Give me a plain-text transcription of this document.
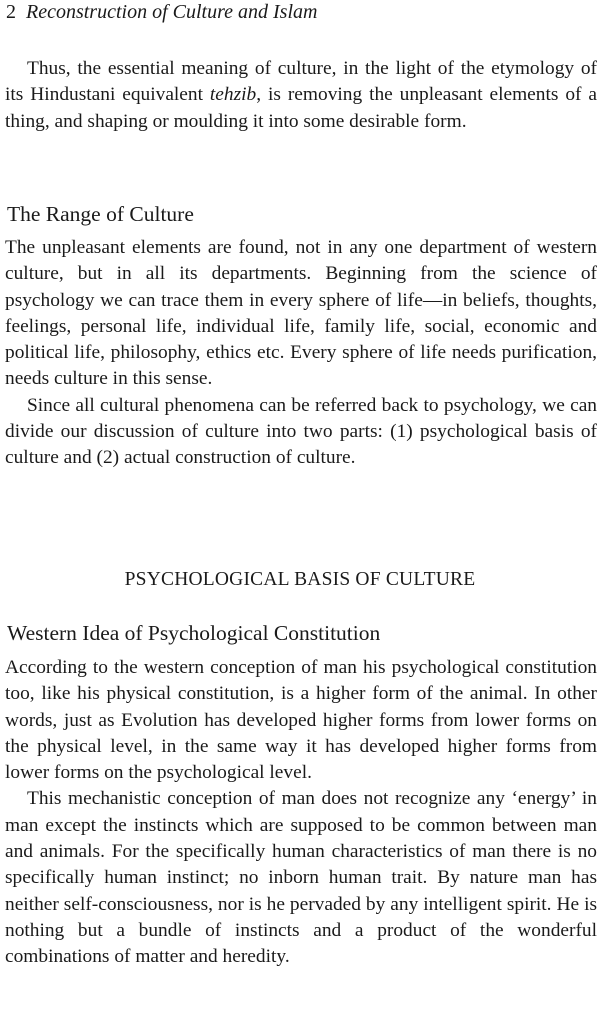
2 Reconstruction of Culture and Islam

Thus, the essential meaning of culture, in the light of the etymology of its Hindustani equivalent tehzib, is removing the unpleasant elements of a thing, and shaping or moulding it into some desirable form.

The Range of Culture

The unpleasant elements are found, not in any one department of western culture, but in all its departments. Beginning from the science of psychology we can trace them in every sphere of life—in beliefs, thoughts, feelings, personal life, individual life, family life, social, economic and political life, philosophy, ethics etc. Every sphere of life needs purification, needs culture in this sense.

Since all cultural phenomena can be referred back to psychology, we can divide our discussion of culture into two parts: (1) psychological basis of culture and (2) actual construction of culture.

PSYCHOLOGICAL BASIS OF CULTURE
Western Idea of Psychological Constitution

According to the western conception of man his psychological constitution too, like his physical constitution, is a higher form of the animal. In other words, just as Evolution has developed higher forms from lower forms on the physical level, in the same way it has developed higher forms from lower forms on the psychological level.

This mechanistic conception of man does not recognize any ‘energy’ in man except the instincts which are supposed to be common between man and animals. For the specifically human characteristics of man there is no specifically human instinct; no inborn human trait. By nature man has neither self-consciousness, nor is he pervaded by any intelligent spirit. He is nothing but a bundle of instincts and a product of the wonderful combinations of matter and heredity.
